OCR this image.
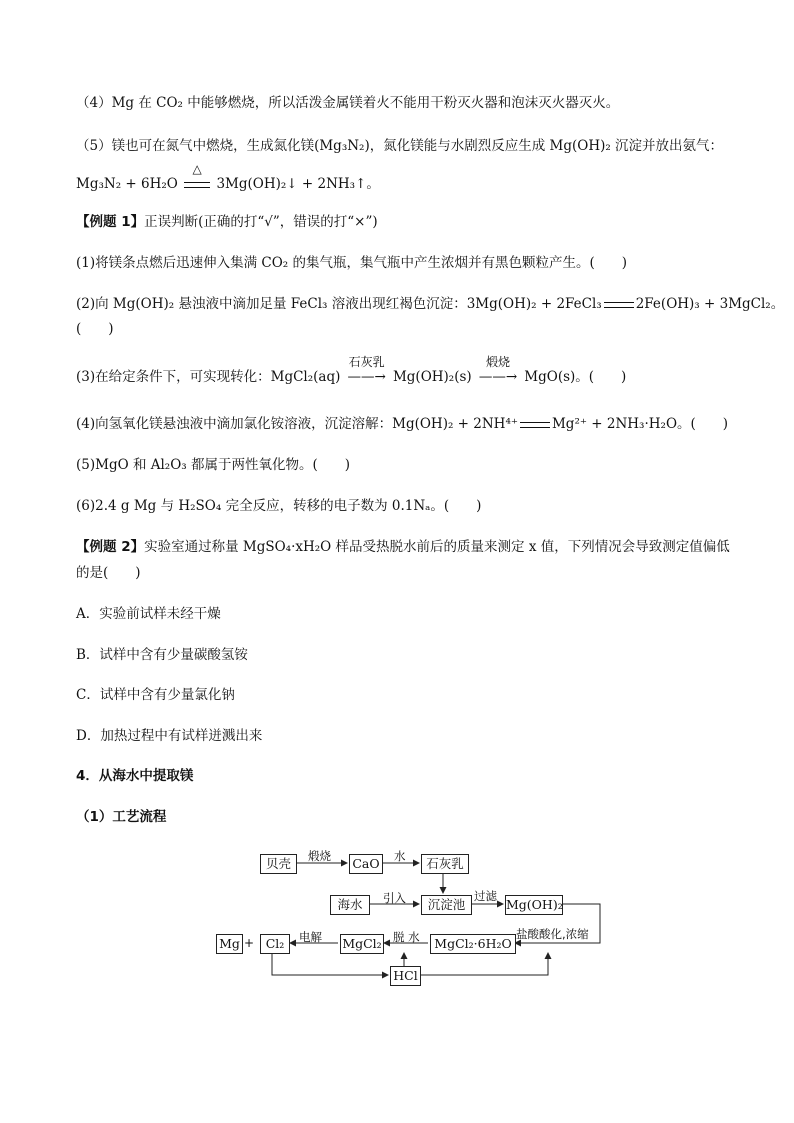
（4）Mg 在 CO₂ 中能够燃烧，所以活泼金属镁着火不能用干粉灭火器和泡沫灭火器灭火。
（5）镁也可在氮气中燃烧，生成氮化镁(Mg₃N₂)，氮化镁能与水剧烈反应生成 Mg(OH)₂ 沉淀并放出氨气：
Mg₃N₂ + 6H₂O
△
3Mg(OH)₂↓ + 2NH₃↑。
【例题 1】正误判断(正确的打“√”，错误的打“×”)
(1)将镁条点燃后迅速伸入集满 CO₂ 的集气瓶，集气瓶中产生浓烟并有黑色颗粒产生。(　　)
(2)向 Mg(OH)₂ 悬浊液中滴加足量 FeCl₃ 溶液出现红褐色沉淀：3Mg(OH)₂ + 2FeCl₃	2Fe(OH)₃ + 3MgCl₂。
(　　)
(3)在给定条件下，可实现转化：MgCl₂(aq)
石灰乳
——→ Mg(OH)₂(s)
煅烧
——→ MgO(s)。(　　)
(4)向氢氧化镁悬浊液中滴加氯化铵溶液，沉淀溶解：Mg(OH)₂ + 2NH⁴⁺	Mg²⁺ + 2NH₃·H₂O。(　　)
(5)MgO 和 Al₂O₃ 都属于两性氧化物。(　　)
(6)2.4 g Mg 与 H₂SO₄ 完全反应，转移的电子数为 0.1Nₐ。(　　)
【例题 2】实验室通过称量 MgSO₄·xH₂O 样品受热脱水前后的质量来测定 x 值，下列情况会导致测定值偏低
的是(　　)
A．实验前试样未经干燥
B．试样中含有少量碳酸氢铵
C．试样中含有少量氯化钠
D．加热过程中有试样迸溅出来
4．从海水中提取镁
（1）工艺流程
贝壳	CaO	石灰乳
海水	沉淀池	Mg(OH)₂
MgCl₂·6H₂O
MgCl₂
Cl₂
+
Mg
HCl
煅烧	水
引入	过滤
盐酸酸化,浓缩
脱 水
电解
